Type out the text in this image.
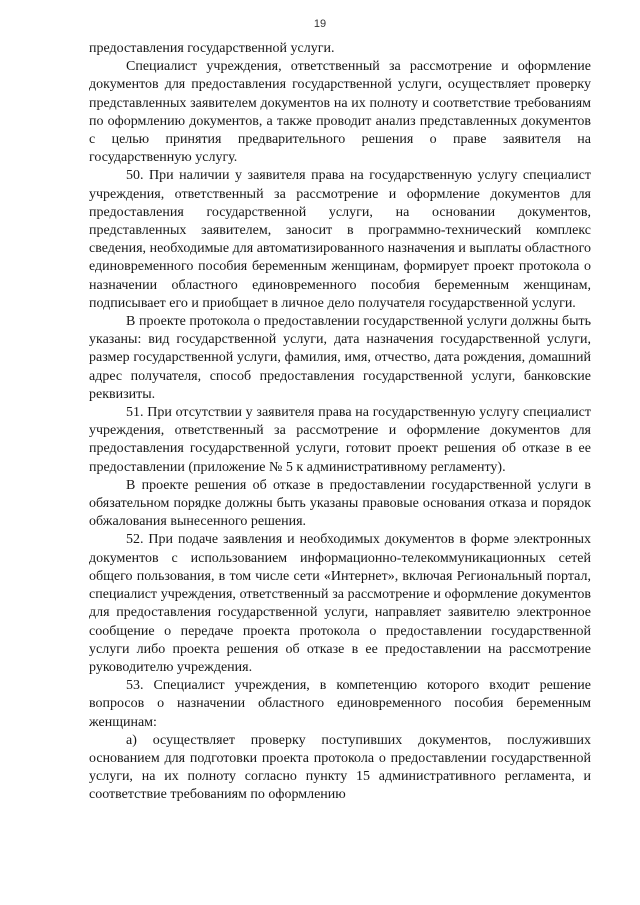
19

предоставления государственной услуги.

Специалист учреждения, ответственный за рассмотрение и оформление документов для предоставления государственной услуги, осуществляет проверку представленных заявителем документов на их полноту и соответствие требованиям по оформлению документов, а также проводит анализ представленных документов с целью принятия предварительного решения о праве заявителя на государственную услугу.

50. При наличии у заявителя права на государственную услугу специалист учреждения, ответственный за рассмотрение и оформление документов для предоставления государственной услуги, на основании документов, представленных заявителем, заносит в программно-технический комплекс сведения, необходимые для автоматизированного назначения и выплаты областного единовременного пособия беременным женщинам, формирует проект протокола о назначении областного единовременного пособия беременным женщинам, подписывает его и приобщает в личное дело получателя государственной услуги.

В проекте протокола о предоставлении государственной услуги должны быть указаны: вид государственной услуги, дата назначения государственной услуги, размер государственной услуги, фамилия, имя, отчество, дата рождения, домашний адрес получателя, способ предоставления государственной услуги, банковские реквизиты.

51. При отсутствии у заявителя права на государственную услугу специалист учреждения, ответственный за рассмотрение и оформление документов для предоставления государственной услуги, готовит проект решения об отказе в ее предоставлении (приложение № 5 к административному регламенту).

В проекте решения об отказе в предоставлении государственной услуги в обязательном порядке должны быть указаны правовые основания отказа и порядок обжалования вынесенного решения.

52. При подаче заявления и необходимых документов в форме электронных документов с использованием информационно-телекоммуникационных сетей общего пользования, в том числе сети «Интернет», включая Региональный портал, специалист учреждения, ответственный за рассмотрение и оформление документов для предоставления государственной услуги, направляет заявителю электронное сообщение о передаче проекта протокола о предоставлении государственной услуги либо проекта решения об отказе в ее предоставлении на рассмотрение руководителю учреждения.

53. Специалист учреждения, в компетенцию которого входит решение вопросов о назначении областного единовременного пособия беременным женщинам:

а) осуществляет проверку поступивших документов, послуживших основанием для подготовки проекта протокола о предоставлении государственной услуги, на их полноту согласно пункту 15 административного регламента, и соответствие требованиям по оформлению
